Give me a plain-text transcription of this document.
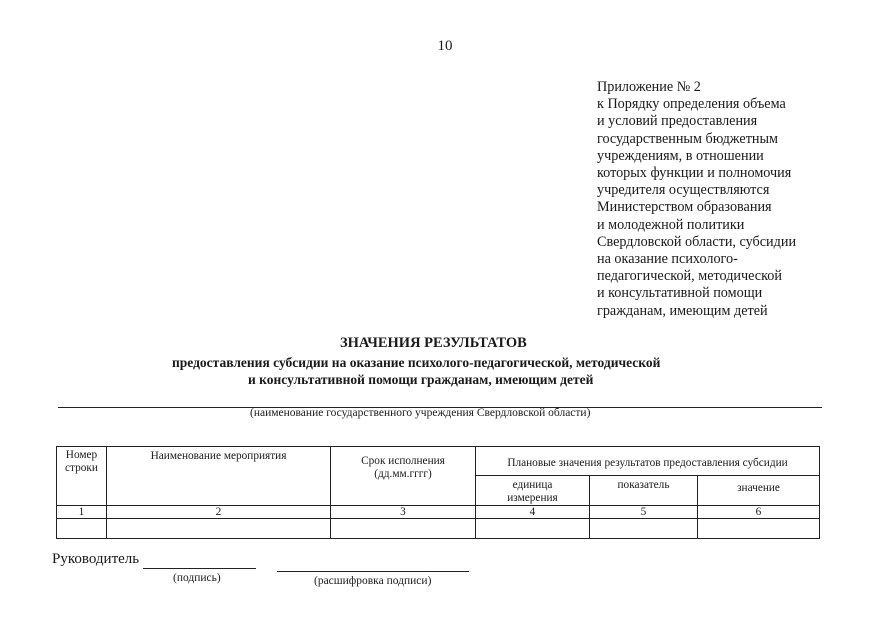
10
Приложение № 2
к Порядку определения объема
и условий предоставления
государственным бюджетным
учреждениям, в отношении
которых функции и полномочия
учредителя осуществляются
Министерством образования
и молодежной политики
Свердловской области, субсидии
на оказание психолого-
педагогической, методической
и консультативной помощи
гражданам, имеющим детей
ЗНАЧЕНИЯ РЕЗУЛЬТАТОВ
предоставления субсидии на оказание психолого-педагогической, методической
и консультативной помощи гражданам, имеющим детей
(наименование государственного учреждения Свердловской области)
Номер строки	Наименование мероприятия	Срок исполнения (дд.мм.гггг)	Плановые значения результатов предоставления субсидии		
			единица измерения	показатель	значение
1	2	3	4	5	6

Руководитель
(подпись)	(расшифровка подписи)
